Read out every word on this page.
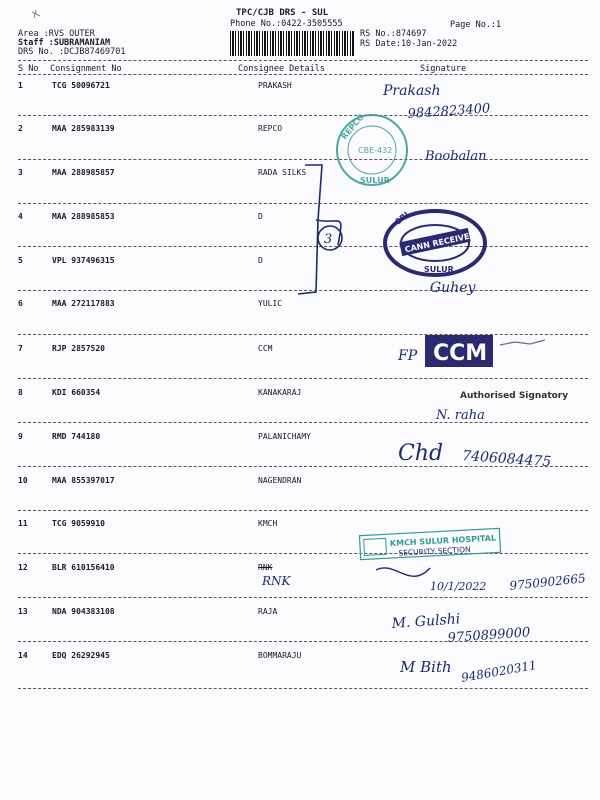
TPC/CJB DRS - SUL
Phone No.:0422-3505555	Page No.:1
Area :RVS OUTER
Staff :SUBRAMANIAM
DRS No. :DCJB87469701
RS No.:874697
RS Date:10-Jan-2022
S No Consignment No	Consignee Details	Signature
1	TCG 50096721	PRAKASH
2	MAA 285983139	REPCO
3	MAA 288985857	RADA SILKS
4	MAA 288985853	D
5	VPL 937496315	D
6	MAA 272117883	YULIC
7	RJP 2857520	CCM
8	KDI 660354	KANAKARAJ
9	RMD 744180	PALANICHAMY
10	MAA 855397017	NAGENDRAN
11	TCG 9059910	KMCH
12	BLR 610156410	RNK
13	NDA 904383108	RAJA
14	EDQ 26292945	BOMMARAJU
REPCO
CBE-432
SULUR
Boobalan
Prakash
9842823400
3	CANN RECEIVED
SRI
SULUR
Guhey
FP CCM
Authorised Signatory
N. raha
Chd 7406084475
KMCH SULUR HOSPITAL
SECURITY SECTION
RNK	10/1/2022 9750902665
M. Gulshi
9750899000
M Bith 9486020311
